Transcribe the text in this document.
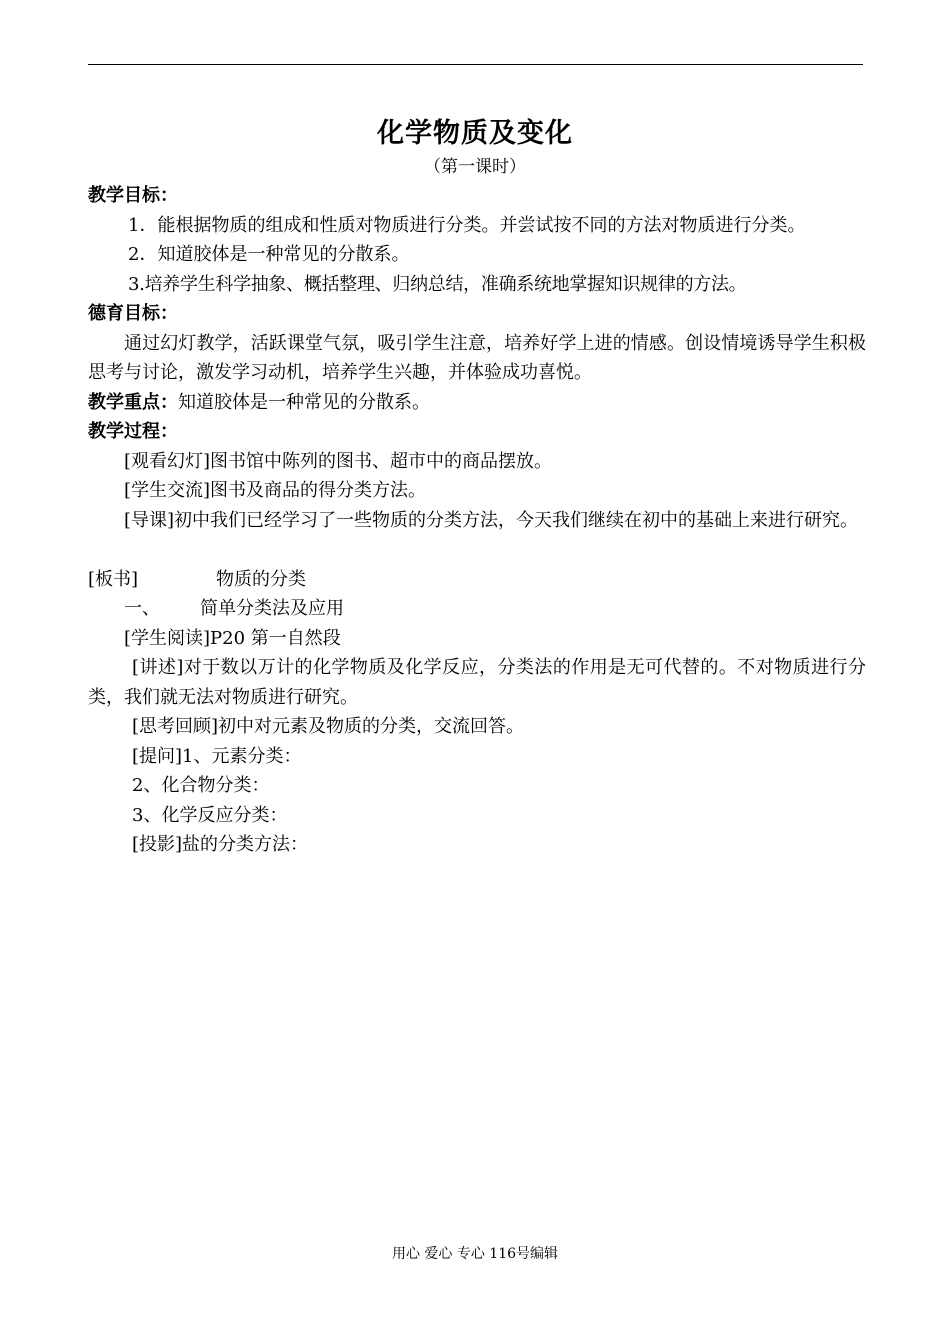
化学物质及变化
（第一课时）

教学目标：

1．能根据物质的组成和性质对物质进行分类。并尝试按不同的方法对物质进行分类。

2．知道胶体是一种常见的分散系。

3.培养学生科学抽象、概括整理、归纳总结，准确系统地掌握知识规律的方法。

德育目标：

通过幻灯教学，活跃课堂气氛，吸引学生注意，培养好学上进的情感。创设情境诱导学生积极思考与讨论，激发学习动机，培养学生兴趣，并体验成功喜悦。

教学重点：知道胶体是一种常见的分散系。

教学过程：

[观看幻灯]图书馆中陈列的图书、超市中的商品摆放。

[学生交流]图书及商品的得分类方法。

[导课]初中我们已经学习了一些物质的分类方法，今天我们继续在初中的基础上来进行研究。

[板书]	物质的分类

一、 简单分类法及应用

[学生阅读]P20 第一自然段

[讲述]对于数以万计的化学物质及化学反应，分类法的作用是无可代替的。不对物质进行分类，我们就无法对物质进行研究。

[思考回顾]初中对元素及物质的分类，交流回答。

[提问]1、元素分类：

2、化合物分类：

3、化学反应分类：

[投影]盐的分类方法：

用心 爱心 专心 116号编辑
